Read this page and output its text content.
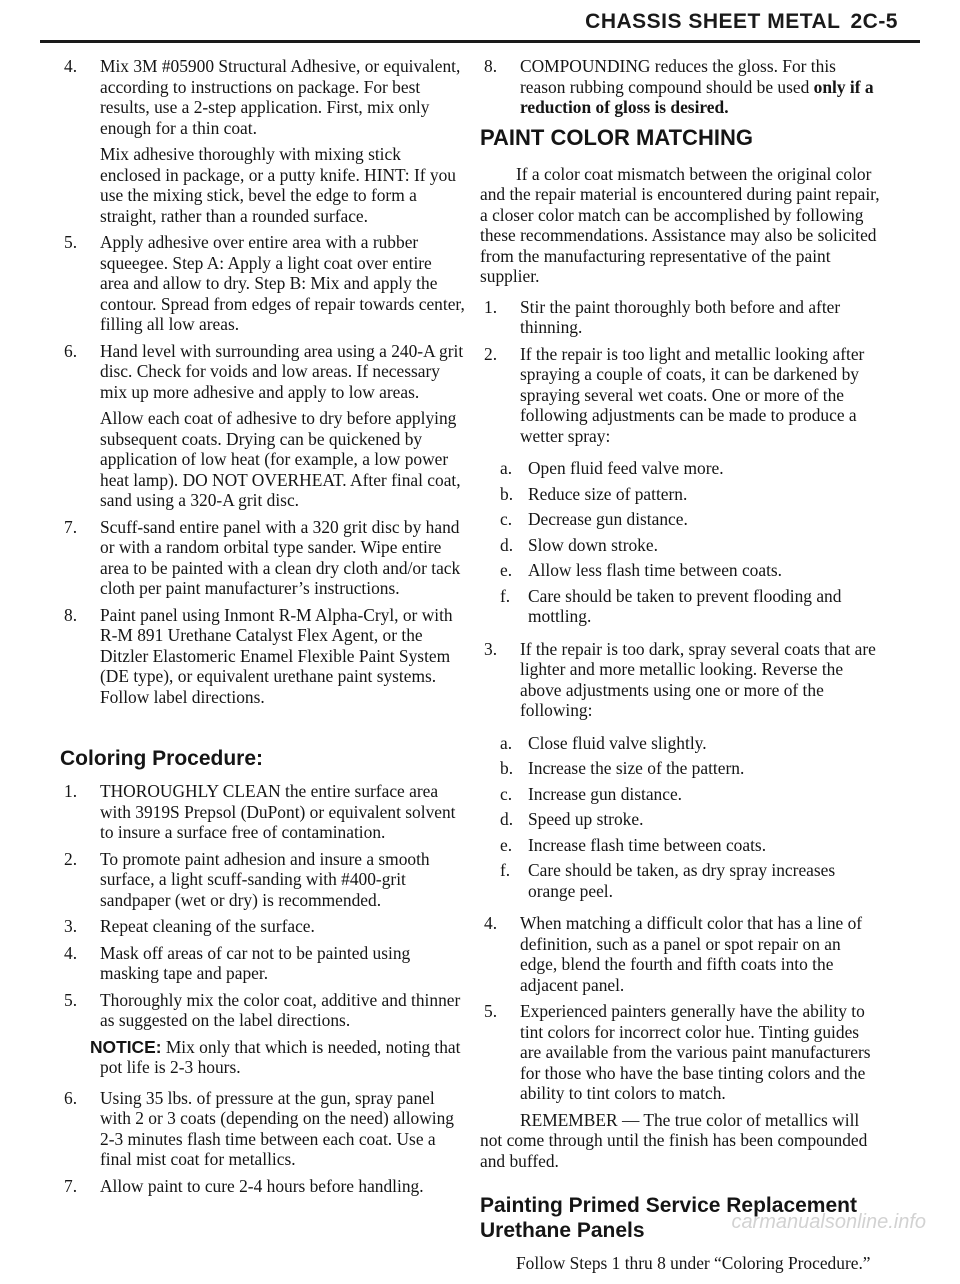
CHASSIS SHEET METAL 2C-5
4.	Mix 3M #05900 Structural Adhesive, or equivalent, according to instructions on package. For best results, use a 2-step application. First, mix only enough for a thin coat.

Mix adhesive thoroughly with mixing stick enclosed in package, or a putty knife. HINT: If you use the mixing stick, bevel the edge to form a straight, rather than a rounded surface.

5.	Apply adhesive over entire area with a rubber squeegee. Step A: Apply a light coat over entire area and allow to dry. Step B: Mix and apply the contour. Spread from edges of repair towards center, filling all low areas.

6.	Hand level with surrounding area using a 240-A grit disc. Check for voids and low areas. If necessary mix up more adhesive and apply to low areas.

Allow each coat of adhesive to dry before applying subsequent coats. Drying can be quickened by application of low heat (for example, a low power heat lamp). DO NOT OVERHEAT. After final coat, sand using a 320-A grit disc.

7.	Scuff-sand entire panel with a 320 grit disc by hand or with a random orbital type sander. Wipe entire area to be painted with a clean dry cloth and/or tack cloth per paint manufacturer’s instructions.

8.	Paint panel using Inmont R-M Alpha-Cryl, or with R-M 891 Urethane Catalyst Flex Agent, or the Ditzler Elastomeric Enamel Flexible Paint System (DE type), or equivalent urethane paint systems. Follow label directions.

Coloring Procedure:
1.	THOROUGHLY CLEAN the entire surface area with 3919S Prepsol (DuPont) or equivalent solvent to insure a surface free of contamination.
2.	To promote paint adhesion and insure a smooth surface, a light scuff-sanding with #400-grit sandpaper (wet or dry) is recommended.
3.	Repeat cleaning of the surface.
4.	Mask off areas of car not to be painted using masking tape and paper.
5.	Thoroughly mix the color coat, additive and thinner as suggested on the label directions.

NOTICE: Mix only that which is needed, noting that pot life is 2-3 hours.

6.	Using 35 lbs. of pressure at the gun, spray panel with 2 or 3 coats (depending on the need) allowing 2-3 minutes flash time between each coat. Use a final mist coat for metallics.
7.	Allow paint to cure 2-4 hours before handling.
8.	COMPOUNDING reduces the gloss. For this reason rubbing compound should be used only if a reduction of gloss is desired.
PAINT COLOR MATCHING

If a color coat mismatch between the original color and the repair material is encountered during paint repair, a closer color match can be accomplished by following these recommendations. Assistance may also be solicited from the manufacturing representative of the paint supplier.

1.	Stir the paint thoroughly both before and after thinning.
2.	If the repair is too light and metallic looking after spraying a couple of coats, it can be darkened by spraying several wet coats. One or more of the following adjustments can be made to produce a wetter spray:
a. Open fluid feed valve more.
b. Reduce size of pattern.
c. Decrease gun distance.
d. Slow down stroke.
e. Allow less flash time between coats.
f.	Care should be taken to prevent flooding and mottling.
3.	If the repair is too dark, spray several coats that are lighter and more metallic looking. Reverse the above adjustments using one or more of the following:
a. Close fluid valve slightly.
b. Increase the size of the pattern.
c. Increase gun distance.
d. Speed up stroke.
e. Increase flash time between coats.
f.	Care should be taken, as dry spray increases orange peel.
4.	When matching a difficult color that has a line of definition, such as a panel or spot repair on an edge, blend the fourth and fifth coats into the adjacent panel.
5.	Experienced painters generally have the ability to tint colors for incorrect color hue. Tinting guides are available from the various paint manufacturers for those who have the base tinting colors and the ability to tint colors to match.

REMEMBER — The true color of metallics will not come through until the finish has been compounded and buffed.

Painting Primed Service Replacement Urethane Panels

Follow Steps 1 thru 8 under “Coloring Procedure.”

carmanualsonline.info
